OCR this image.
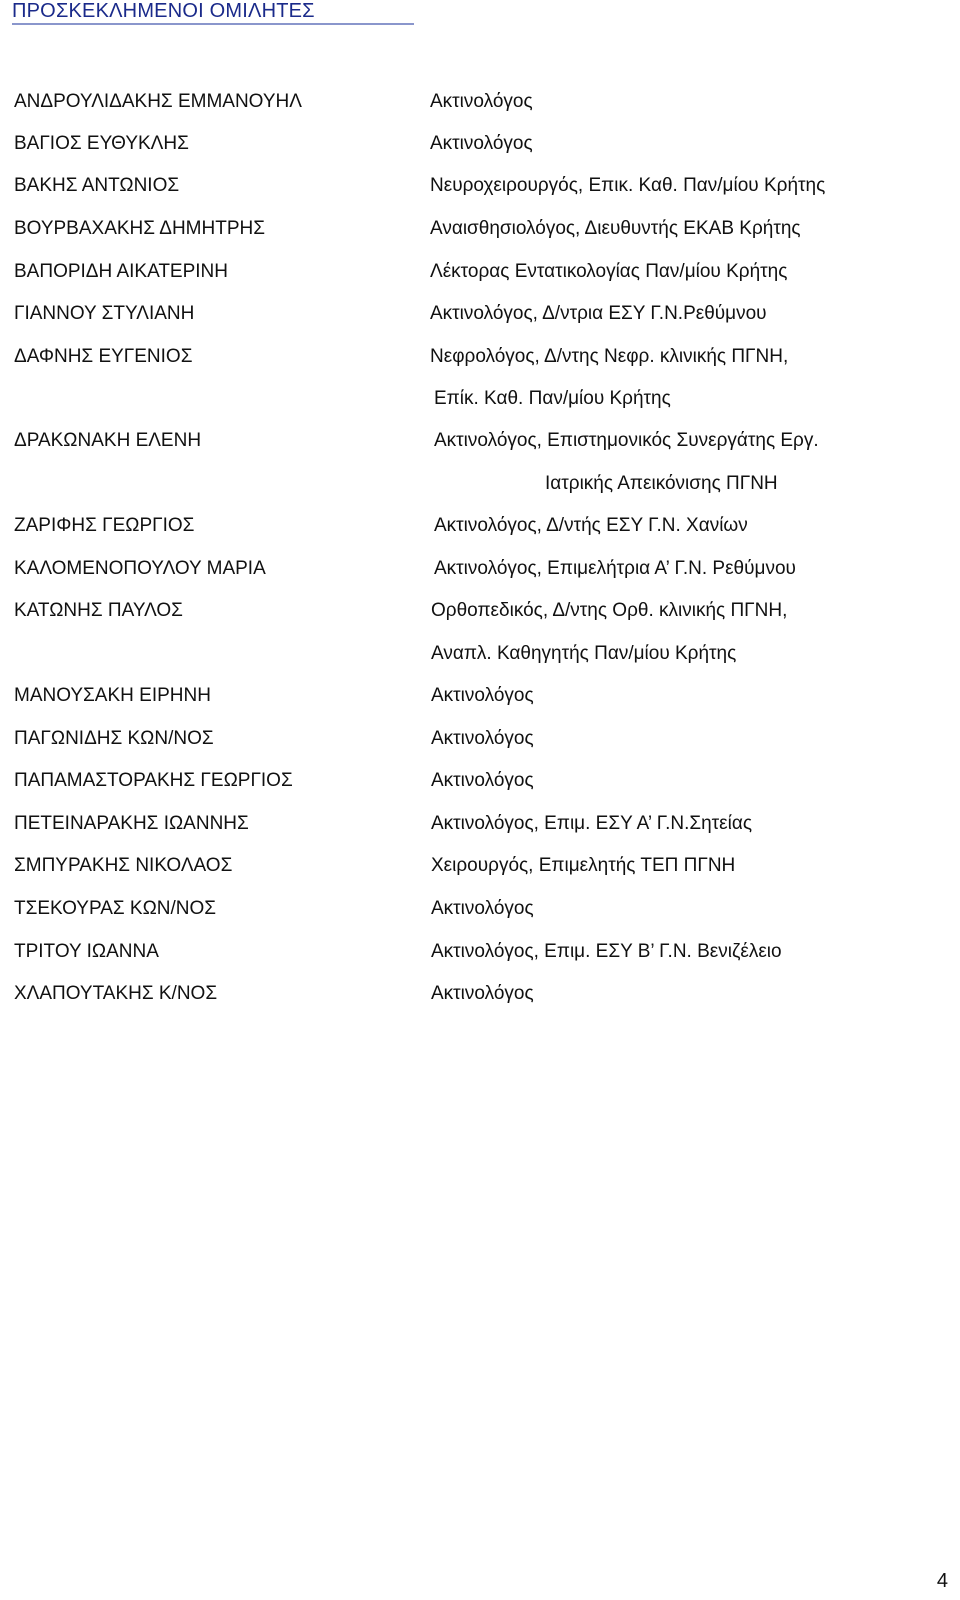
ΠΡΟΣΚΕΚΛΗΜΕΝΟΙ ΟΜΙΛΗΤΕΣ
ΑΝΔΡΟΥΛΙΔΑΚΗΣ ΕΜΜΑΝΟΥΗΛ	Ακτινολόγος
ΒΑΓΙΟΣ ΕΥΘΥΚΛΗΣ	Ακτινολόγος
ΒΑΚΗΣ ΑΝΤΩΝΙΟΣ	Νευροχειρουργός, Επικ. Καθ. Παν/μίου Κρήτης
ΒΟΥΡΒΑΧΑΚΗΣ ΔΗΜΗΤΡΗΣ	Αναισθησιολόγος, Διευθυντής ΕΚΑΒ Κρήτης
ΒΑΠΟΡΙΔΗ ΑΙΚΑΤΕΡΙΝΗ	Λέκτορας Εντατικολογίας Παν/μίου Κρήτης
ΓΙΑΝΝΟΥ ΣΤΥΛΙΑΝΗ	Ακτινολόγος, Δ/ντρια ΕΣΥ Γ.Ν.Ρεθύμνου
ΔΑΦΝΗΣ ΕΥΓΕΝΙΟΣ	Νεφρολόγος, Δ/ντης Νεφρ. κλινικής ΠΓΝΗ,
Επίκ. Καθ. Παν/μίου Κρήτης
ΔΡΑΚΩΝΑΚΗ ΕΛΕΝΗ	Ακτινολόγος, Επιστημονικός Συνεργάτης Εργ.
Ιατρικής Απεικόνισης ΠΓΝΗ
ΖΑΡΙΦΗΣ ΓΕΩΡΓΙΟΣ	Ακτινολόγος, Δ/ντής ΕΣΥ Γ.Ν. Χανίων
ΚΑΛΟΜΕΝΟΠΟΥΛΟΥ ΜΑΡΙΑ	Ακτινολόγος, Επιμελήτρια Α’ Γ.Ν. Ρεθύμνου
ΚΑΤΩΝΗΣ ΠΑΥΛΟΣ	Ορθοπεδικός, Δ/ντης Ορθ. κλινικής ΠΓΝΗ,
Αναπλ. Καθηγητής Παν/μίου Κρήτης
ΜΑΝΟΥΣΑΚΗ ΕΙΡΗΝΗ	Ακτινολόγος
ΠΑΓΩΝΙΔΗΣ ΚΩΝ/ΝΟΣ	Ακτινολόγος
ΠΑΠΑΜΑΣΤΟΡΑΚΗΣ ΓΕΩΡΓΙΟΣ	Ακτινολόγος
ΠΕΤΕΙΝΑΡΑΚΗΣ ΙΩΑΝΝΗΣ	Ακτινολόγος, Επιμ. ΕΣΥ Α’ Γ.Ν.Σητείας
ΣΜΠΥΡΑΚΗΣ ΝΙΚΟΛΑΟΣ	Χειρουργός, Επιμελητής ΤΕΠ ΠΓΝΗ
ΤΣΕΚΟΥΡΑΣ ΚΩΝ/ΝΟΣ	Ακτινολόγος
ΤΡΙΤΟΥ ΙΩΑΝΝΑ	Ακτινολόγος, Επιμ. ΕΣΥ Β’ Γ.Ν. Βενιζέλειο
ΧΛΑΠΟΥΤΑΚΗΣ Κ/ΝΟΣ	Ακτινολόγος
4
